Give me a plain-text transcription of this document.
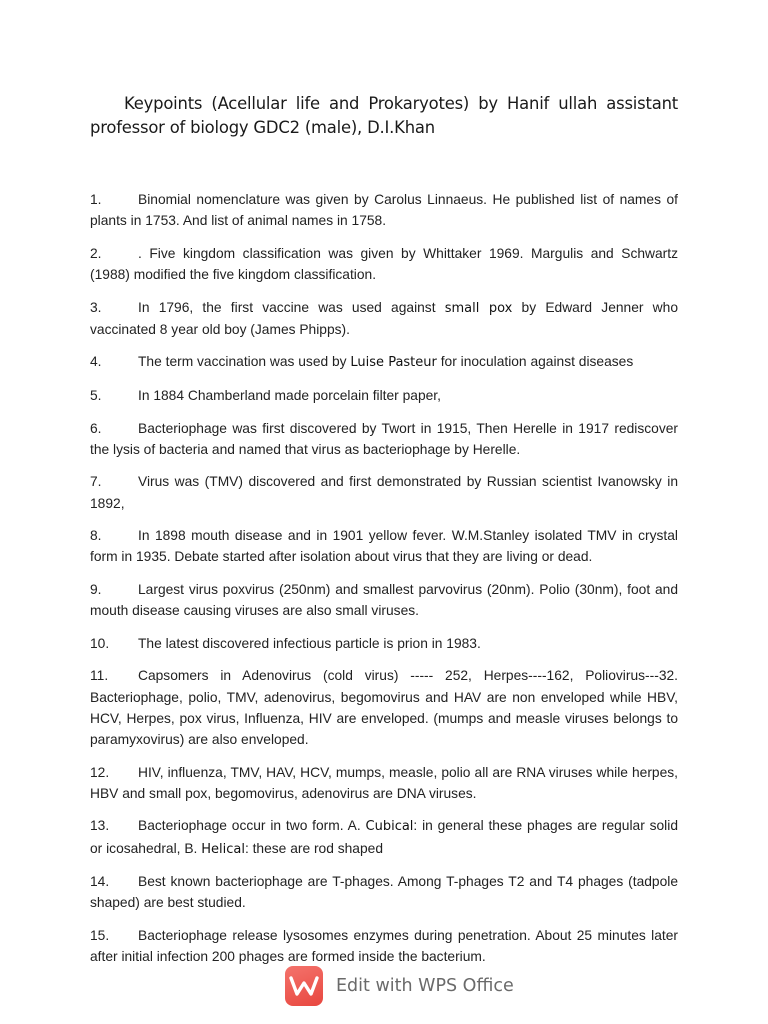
Keypoints (Acellular life and Prokaryotes) by Hanif ullah assistant professor of biology GDC2 (male), D.I.Khan

1.	Binomial nomenclature was given by Carolus Linnaeus. He published list of names of plants in 1753. And list of animal names in 1758.

2.	. Five kingdom classification was given by Whittaker 1969. Margulis and Schwartz (1988) modified the five kingdom classification.

3.	In 1796, the first vaccine was used against small pox by Edward Jenner who vaccinated 8 year old boy (James Phipps).

4.	The term vaccination was used by Luise Pasteur for inoculation against diseases

5.	In 1884 Chamberland made porcelain filter paper,

6.	Bacteriophage was first discovered by Twort in 1915, Then Herelle in 1917 rediscover the lysis of bacteria and named that virus as bacteriophage by Herelle.

7.	Virus was (TMV) discovered and first demonstrated by Russian scientist Ivanowsky in 1892,

8.	In 1898 mouth disease and in 1901 yellow fever. W.M.Stanley isolated TMV in crystal form in 1935. Debate started after isolation about virus that they are living or dead.

9.	Largest virus poxvirus (250nm) and smallest parvovirus (20nm). Polio (30nm), foot and mouth disease causing viruses are also small viruses.

10. The latest discovered infectious particle is prion in 1983.

11. Capsomers in Adenovirus (cold virus) ----- 252, Herpes----162, Poliovirus---32. Bacteriophage, polio, TMV, adenovirus, begomovirus and HAV are non enveloped while HBV, HCV, Herpes, pox virus, Influenza, HIV are enveloped. (mumps and measle viruses belongs to paramyxovirus) are also enveloped.

12. HIV, influenza, TMV, HAV, HCV, mumps, measle, polio all are RNA viruses while herpes, HBV and small pox, begomovirus, adenovirus are DNA viruses.

13. Bacteriophage occur in two form. A. Cubical: in general these phages are regular solid or icosahedral, B. Helical: these are rod shaped

14. Best known bacteriophage are T-phages. Among T-phages T2 and T4 phages (tadpole shaped) are best studied.

15. Bacteriophage release lysosomes enzymes during penetration. About 25 minutes later after initial infection 200 phages are formed inside the bacterium.

Edit with WPS Office
